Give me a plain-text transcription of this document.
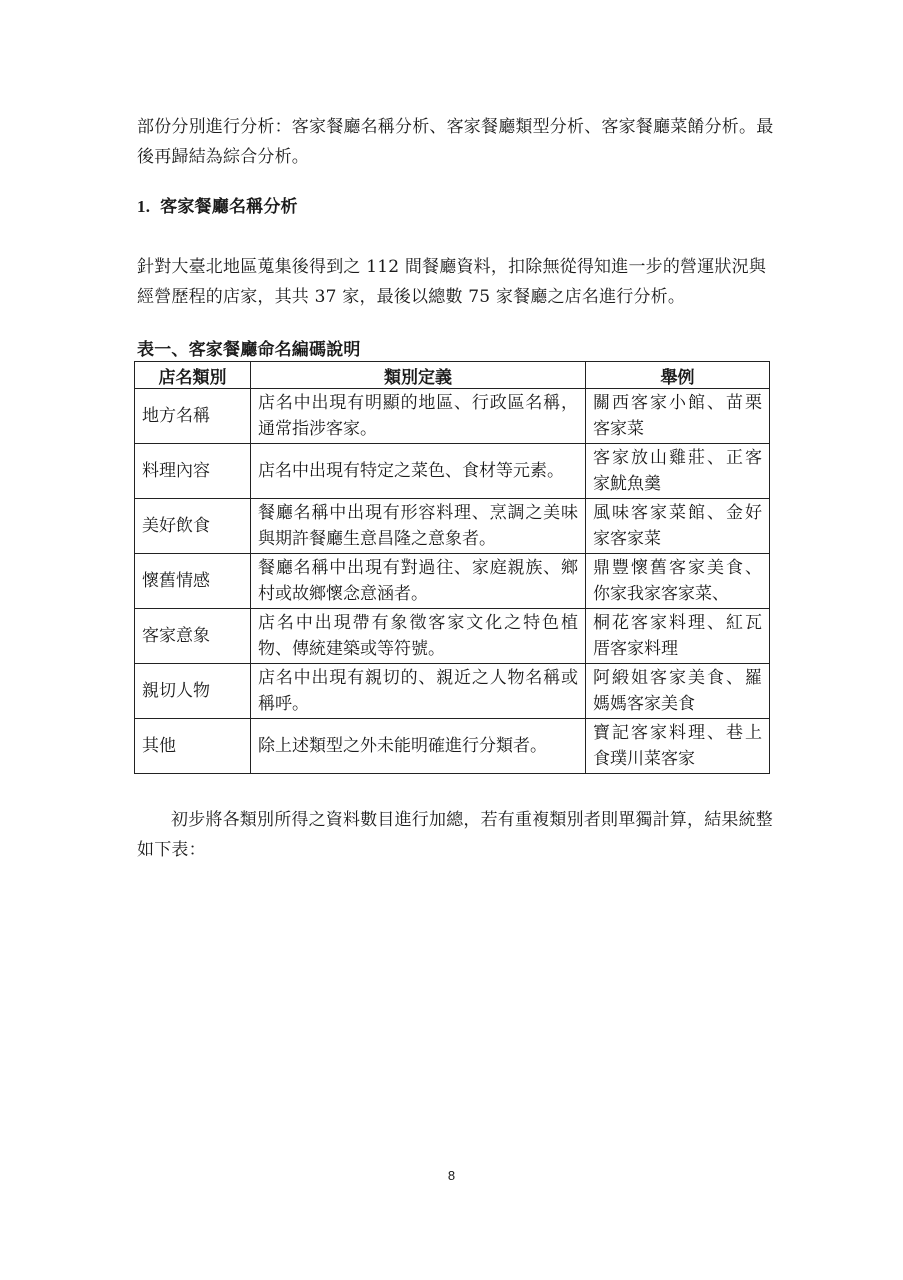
部份分別進行分析：客家餐廳名稱分析、客家餐廳類型分析、客家餐廳菜餚分析。最後再歸結為綜合分析。

1. 客家餐廳名稱分析

針對大臺北地區蒐集後得到之 112 間餐廳資料，扣除無從得知進一步的營運狀況與經營歷程的店家，其共 37 家，最後以總數 75 家餐廳之店名進行分析。

表一、客家餐廳命名編碼說明
店名類別	類別定義	舉例
地方名稱	店名中出現有明顯的地區、行政區名稱，通常指涉客家。	關西客家小館、苗栗客家菜
料理內容	店名中出現有特定之菜色、食材等元素。	客家放山雞莊、正客家魷魚羹
美好飲食	餐廳名稱中出現有形容料理、烹調之美味與期許餐廳生意昌隆之意象者。	風味客家菜館、金好家客家菜
懷舊情感	餐廳名稱中出現有對過往、家庭親族、鄉村或故鄉懷念意涵者。	鼎豐懷舊客家美食、你家我家客家菜、
客家意象	店名中出現帶有象徵客家文化之特色植物、傳統建築或等符號。	桐花客家料理、紅瓦厝客家料理
親切人物	店名中出現有親切的、親近之人物名稱或稱呼。	阿緞姐客家美食、羅媽媽客家美食
其他	除上述類型之外未能明確進行分類者。	寶記客家料理、巷上食璞川菜客家

初步將各類別所得之資料數目進行加總，若有重複類別者則單獨計算，結果統整如下表：

8
